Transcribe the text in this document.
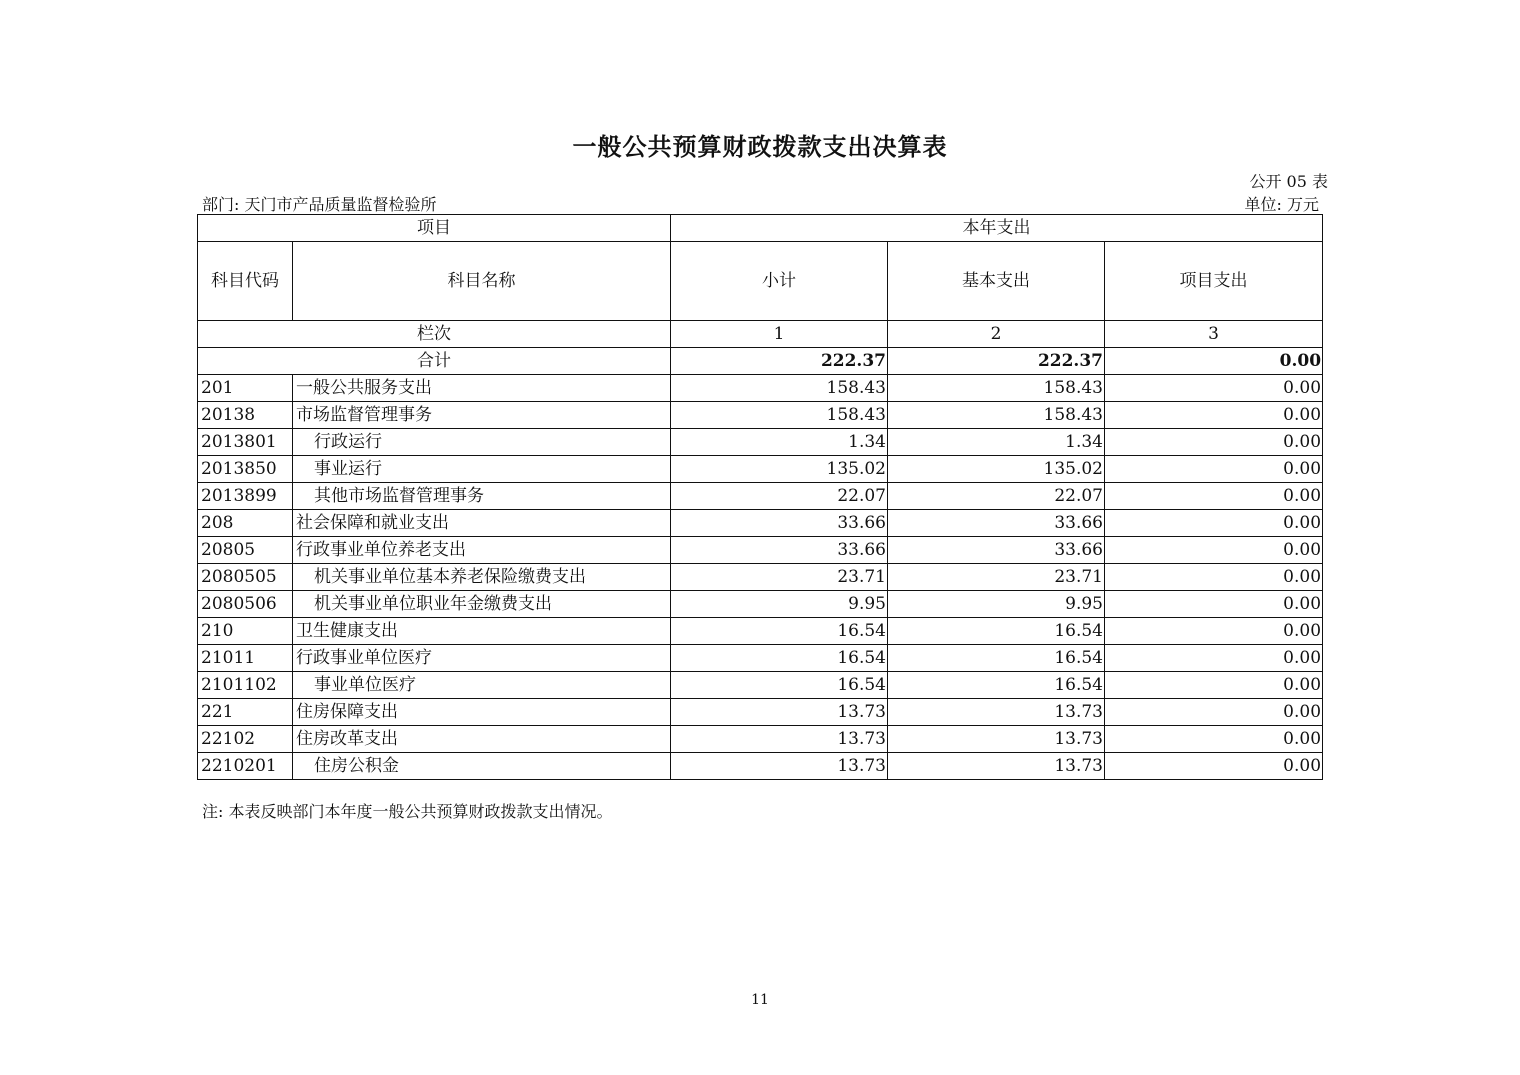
一般公共预算财政拨款支出决算表
公开 05 表
部门: 天门市产品质量监督检验所	单位: 万元
项目		本年支出		
科目代码	科目名称	小计	基本支出	项目支出
栏次		1	2	3
合计		222.37	222.37	0.00
201	一般公共服务支出	158.43	158.43	0.00
20138	市场监督管理事务	158.43	158.43	0.00
2013801	行政运行	1.34	1.34	0.00
2013850	事业运行	135.02	135.02	0.00
2013899	其他市场监督管理事务	22.07	22.07	0.00
208	社会保障和就业支出	33.66	33.66	0.00
20805	行政事业单位养老支出	33.66	33.66	0.00
2080505	机关事业单位基本养老保险缴费支出	23.71	23.71	0.00
2080506	机关事业单位职业年金缴费支出	9.95	9.95	0.00
210	卫生健康支出	16.54	16.54	0.00
21011	行政事业单位医疗	16.54	16.54	0.00
2101102	事业单位医疗	16.54	16.54	0.00
221	住房保障支出	13.73	13.73	0.00
22102	住房改革支出	13.73	13.73	0.00
2210201	住房公积金	13.73	13.73	0.00
注: 本表反映部门本年度一般公共预算财政拨款支出情况。
11
